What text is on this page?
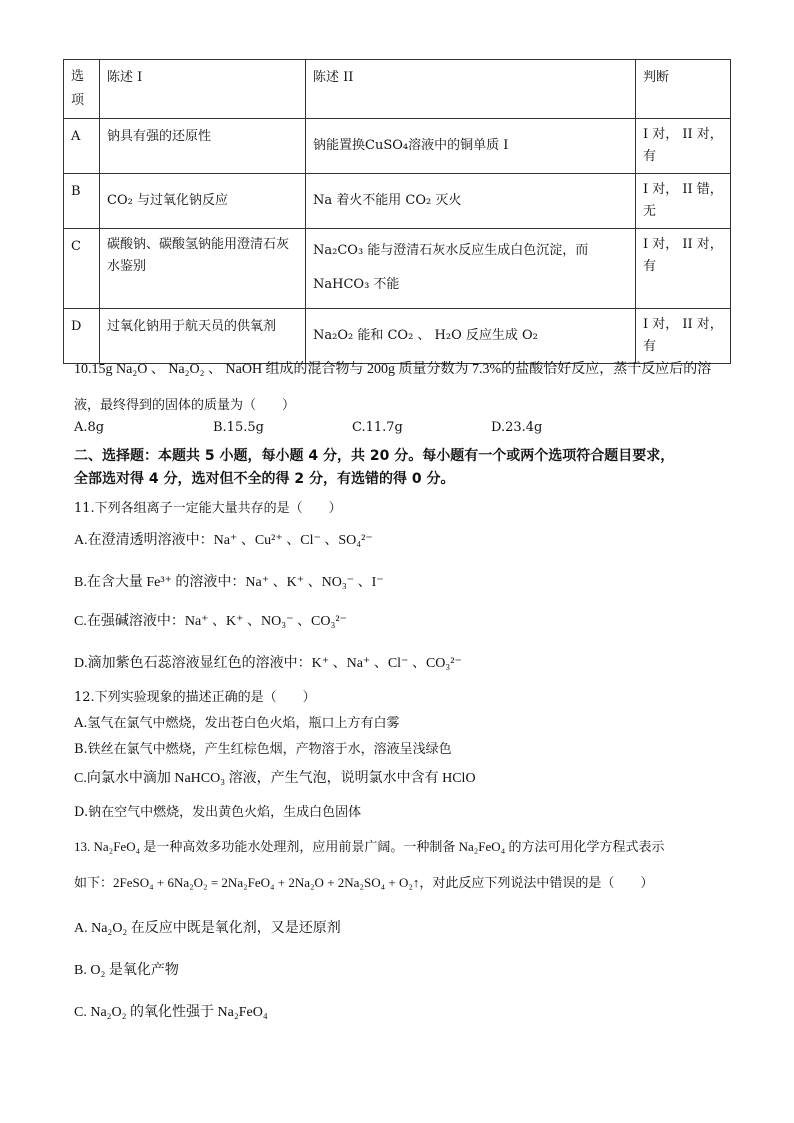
选
项	陈述 I	陈述 II	判断
A	钠具有强的还原性	钠能置换CuSO₄溶液中的铜单质 I	I 对， II 对，
有
B	CO₂ 与过氧化钠反应	Na 着火不能用 CO₂ 灭火	I 对， II 错，
无
C	碳酸钠、碳酸氢钠能用澄清石灰水鉴别	Na₂CO₃ 能与澄清石灰水反应生成白色沉淀，而
NaHCO₃ 不能	I 对， II 对，
有
D	过氧化钠用于航天员的供氧剂	Na₂O₂ 能和 CO₂ 、 H₂O 反应生成 O₂	I 对， II 对，
有
10.15g Na₂O 、 Na₂O₂ 、 NaOH 组成的混合物与 200g 质量分数为 7.3%的盐酸恰好反应，蒸干反应后的溶
液，最终得到的固体的质量为（　　）
A.8g	B.15.5g	C.11.7g	D.23.4g
二、选择题：本题共 5 小题，每小题 4 分，共 20 分。每小题有一个或两个选项符合题目要求，
全部选对得 4 分，选对但不全的得 2 分，有选错的得 0 分。
11.下列各组离子一定能大量共存的是（　　）
A.在澄清透明溶液中：Na⁺ 、Cu²⁺ 、Cl⁻ 、SO₄²⁻
B.在含大量 Fe³⁺ 的溶液中：Na⁺ 、K⁺ 、NO₃⁻ 、I⁻
C.在强碱溶液中：Na⁺ 、K⁺ 、NO₃⁻ 、CO₃²⁻
D.滴加紫色石蕊溶液显红色的溶液中：K⁺ 、Na⁺ 、Cl⁻ 、CO₃²⁻
12.下列实验现象的描述正确的是（　　）
A.氢气在氯气中燃烧，发出苍白色火焰，瓶口上方有白雾
B.铁丝在氯气中燃烧，产生红棕色烟，产物溶于水，溶液呈浅绿色
C.向氯水中滴加 NaHCO₃ 溶液，产生气泡，说明氯水中含有 HClO
D.钠在空气中燃烧，发出黄色火焰，生成白色固体
13. Na₂FeO₄ 是一种高效多功能水处理剂，应用前景广阔。一种制备 Na₂FeO₄ 的方法可用化学方程式表示
如下：2FeSO₄ + 6Na₂O₂ = 2Na₂FeO₄ + 2Na₂O + 2Na₂SO₄ + O₂↑，对此反应下列说法中错误的是（　　）
A. Na₂O₂ 在反应中既是氧化剂，又是还原剂
B. O₂ 是氧化产物
C. Na₂O₂ 的氧化性强于 Na₂FeO₄
